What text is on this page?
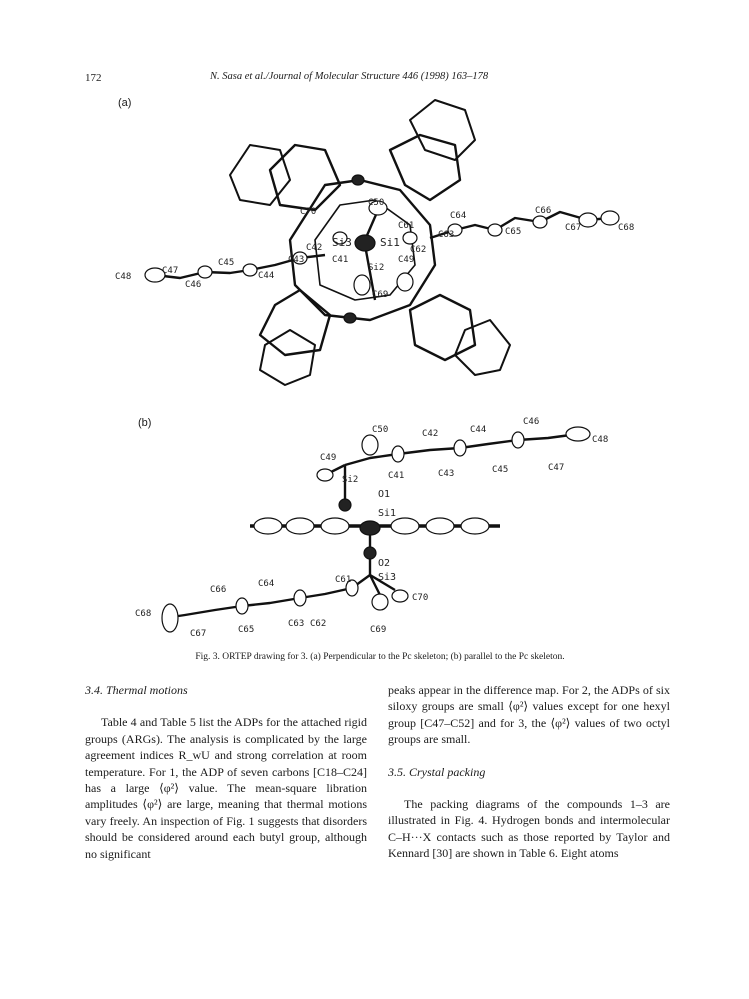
172	N. Sasa et al./Journal of Molecular Structure 446 (1998) 163–178
(a)
(b)
C70
C50
C61
C64	C66
C67	C68
C65
C63
C62
C42 Si3	Si1
C43	C41
Si2
C49
C69
C48
C47
C45
C44
C46
C50	C42	C44
C46
C48
C49
Si2	C41	C43	C45	C47
O1
Si1
O2
Si3
C66
C64	C61
C68
C67	C65
C63 C62
C70
C69
Fig. 3. ORTEP drawing for 3. (a) Perpendicular to the Pc skeleton; (b) parallel to the Pc skeleton.
3.4. Thermal motions

Table 4 and Table 5 list the ADPs for the attached rigid groups (ARGs). The analysis is complicated by the large agreement indices R_wU and strong correlation at room temperature. For 1, the ADP of seven carbons [C18–C24] has a large ⟨φ²⟩ value. The mean-square libration amplitudes ⟨φ²⟩ are large, meaning that thermal motions vary freely. An inspection of Fig. 1 suggests that disorders should be considered around each butyl group, although no significant

peaks appear in the difference map. For 2, the ADPs of six siloxy groups are small ⟨φ²⟩ values except for one hexyl group [C47–C52] and for 3, the ⟨φ²⟩ values of two octyl groups are small.

3.5. Crystal packing

The packing diagrams of the compounds 1–3 are illustrated in Fig. 4. Hydrogen bonds and intermolecular C–H···X contacts such as those reported by Taylor and Kennard [30] are shown in Table 6. Eight atoms
